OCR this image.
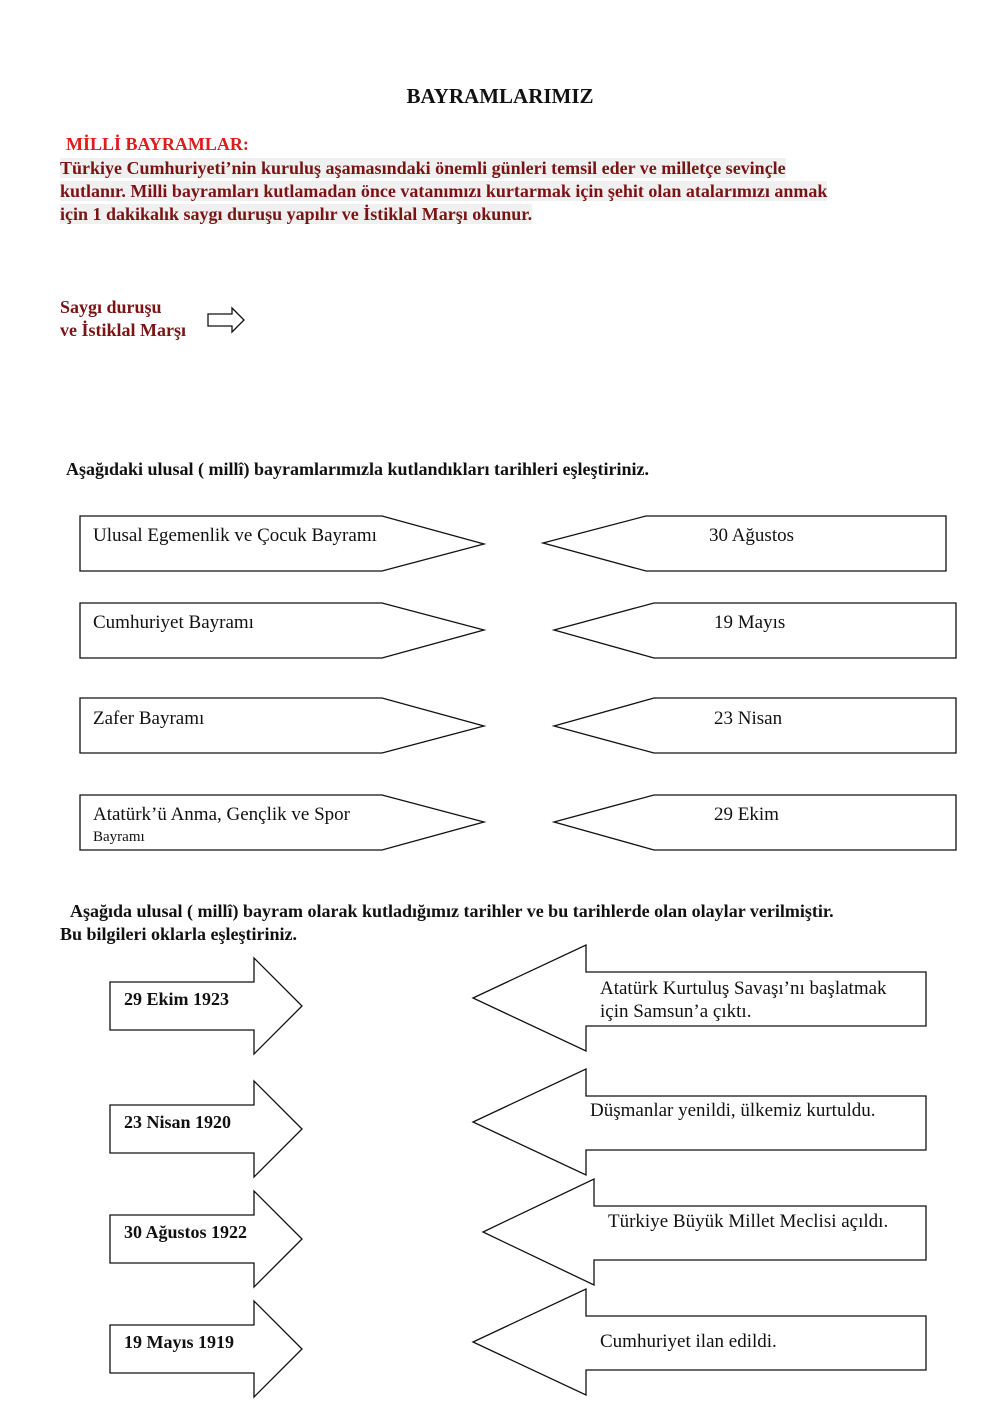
BAYRAMLARIMIZ
MİLLİ BAYRAMLAR:
Türkiye Cumhuriyeti’nin kuruluş aşamasındaki önemli günleri temsil eder ve milletçe sevinçle
kutlanır. Milli bayramları kutlamadan önce vatanımızı kurtarmak için şehit olan atalarımızı anmak
için 1 dakikalık saygı duruşu yapılır ve İstiklal Marşı okunur.
Saygı duruşu
ve İstiklal Marşı
Aşağıdaki ulusal ( millî) bayramlarımızla kutlandıkları tarihleri eşleştiriniz.
Aşağıda ulusal ( millî) bayram olarak kutladığımız tarihler ve bu tarihlerde olan olaylar verilmiştir.
Bu bilgileri oklarla eşleştiriniz.
Ulusal Egemenlik ve Çocuk Bayramı
Cumhuriyet Bayramı
Zafer Bayramı
Atatürk’ü Anma, Gençlik ve Spor
Bayramı
30 Ağustos
19 Mayıs
23 Nisan
29 Ekim
29 Ekim 1923
23 Nisan 1920
30 Ağustos 1922
19 Mayıs 1919
Atatürk Kurtuluş Savaşı’nı başlatmak
için Samsun’a çıktı.
Düşmanlar yenildi, ülkemiz kurtuldu.
Türkiye Büyük Millet Meclisi açıldı.
Cumhuriyet ilan edildi.
